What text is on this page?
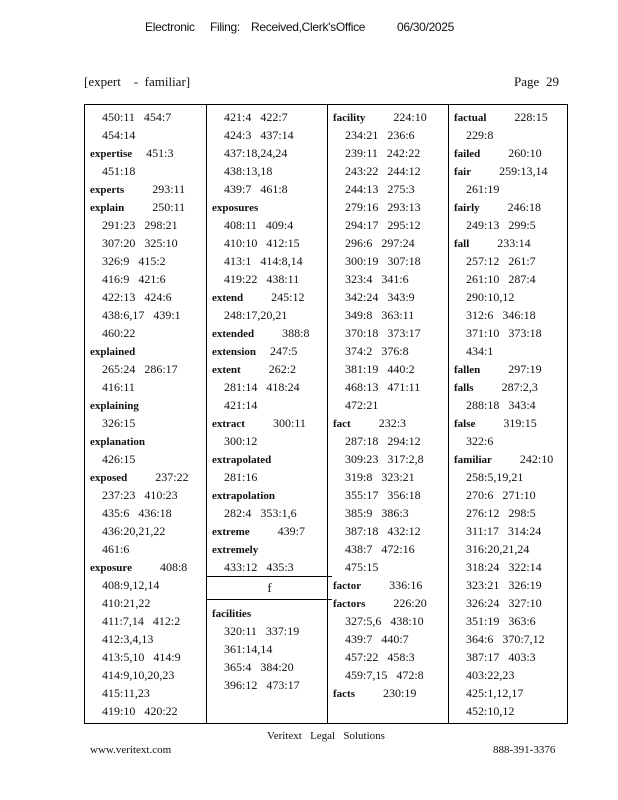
Electronic Filing: Received,Clerk'sOffice	06/30/2025
[expert    -  familiar]	Page 29
450:11   454:7
454:14
expertise 451:3
451:18
experts 293:11
explain 250:11
291:23   298:21
307:20   325:10
326:9   415:2
416:9   421:6
422:13   424:6
438:6,17   439:1
460:22
explained
265:24   286:17
416:11
explaining
326:15
explanation
426:15
exposed 237:22
237:23   410:23
435:6   436:18
436:20,21,22
461:6
exposure 408:8
408:9,12,14
410:21,22
411:7,14   412:2
412:3,4,13
413:5,10   414:9
414:9,10,20,23
415:11,23
419:10   420:22
421:4   422:7
424:3   437:14
437:18,24,24
438:13,18
439:7   461:8
exposures
408:11   409:4
410:10   412:15
413:1   414:8,14
419:22   438:11
extend 245:12
248:17,20,21
extended 388:8
extension 247:5
extent 262:2
281:14   418:24
421:14
extract 300:11
300:12
extrapolated
281:16
extrapolation
282:4   353:1,6
extreme 439:7
extremely
433:12   435:3
f
facilities
320:11   337:19
361:14,14
365:4   384:20
396:12   473:17
facility 224:10
234:21   236:6
239:11   242:22
243:22   244:12
244:13   275:3
279:16   293:13
294:17   295:12
296:6   297:24
300:19   307:18
323:4   341:6
342:24   343:9
349:8   363:11
370:18   373:17
374:2   376:8
381:19   440:2
468:13   471:11
472:21
fact 232:3
287:18   294:12
309:23   317:2,8
319:8   323:21
355:17   356:18
385:9   386:3
387:18   432:12
438:7   472:16
475:15
factor 336:16
factors 226:20
327:5,6   438:10
439:7   440:7
457:22   458:3
459:7,15   472:8
facts 230:19
factual 228:15
229:8
failed 260:10
fair 259:13,14
261:19
fairly 246:18
249:13   299:5
fall 233:14
257:12   261:7
261:10   287:4
290:10,12
312:6   346:18
371:10   373:18
434:1
fallen 297:19
falls 287:2,3
288:18   343:4
false 319:15
322:6
familiar 242:10
258:5,19,21
270:6   271:10
276:12   298:5
311:17   314:24
316:20,21,24
318:24   322:14
323:21   326:19
326:24   327:10
351:19   363:6
364:6   370:7,12
387:17   403:3
403:22,23
425:1,12,17
452:10,12
Veritext   Legal   Solutions
www.veritext.com	888-391-3376
